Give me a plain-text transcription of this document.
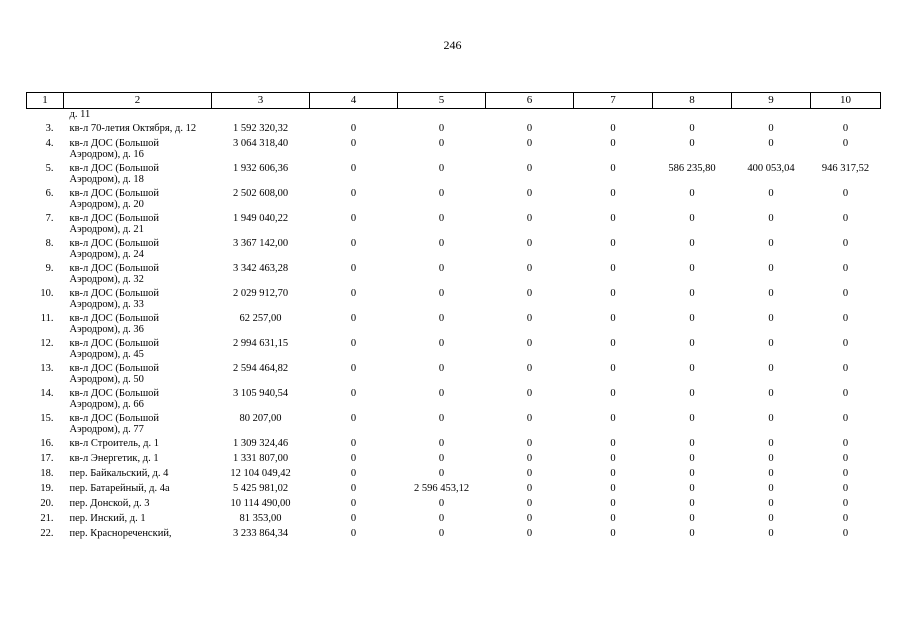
246
1	2	3	4	5	6	7	8	9	10

	д. 11								

3.	кв-л 70-летия Октября, д. 12	1 592 320,32	0	0	0	0	0	0	0
4.	кв-л ДОС (Большой
Аэродром), д. 16	3 064 318,40	0	0	0	0	0	0	0
5.	кв-л ДОС (Большой
Аэродром), д. 18	1 932 606,36	0	0	0	0	586 235,80	400 053,04	946 317,52
6.	кв-л ДОС (Большой
Аэродром), д. 20	2 502 608,00	0	0	0	0	0	0	0
7.	кв-л ДОС (Большой
Аэродром), д. 21	1 949 040,22	0	0	0	0	0	0	0
8.	кв-л ДОС (Большой
Аэродром), д. 24	3 367 142,00	0	0	0	0	0	0	0
9.	кв-л ДОС (Большой
Аэродром), д. 32	3 342 463,28	0	0	0	0	0	0	0
10.	кв-л ДОС (Большой
Аэродром), д. 33	2 029 912,70	0	0	0	0	0	0	0
11.	кв-л ДОС (Большой
Аэродром), д. 36	62 257,00	0	0	0	0	0	0	0
12.	кв-л ДОС (Большой
Аэродром), д. 45	2 994 631,15	0	0	0	0	0	0	0
13.	кв-л ДОС (Большой
Аэродром), д. 50	2 594 464,82	0	0	0	0	0	0	0
14.	кв-л ДОС (Большой
Аэродром), д. 66	3 105 940,54	0	0	0	0	0	0	0
15.	кв-л ДОС (Большой
Аэродром), д. 77	80 207,00	0	0	0	0	0	0	0
16.	кв-л Строитель, д. 1	1 309 324,46	0	0	0	0	0	0	0
17.	кв-л Энергетик, д. 1	1 331 807,00	0	0	0	0	0	0	0
18.	пер. Байкальский, д. 4	12 104 049,42	0	0	0	0	0	0	0
19.	пер. Батарейный, д. 4а	5 425 981,02	0	2 596 453,12	0	0	0	0	0
20.	пер. Донской, д. 3	10 114 490,00	0	0	0	0	0	0	0
21.	пер. Инский, д. 1	81 353,00	0	0	0	0	0	0	0
22.	пер. Краснореченский,	3 233 864,34	0	0	0	0	0	0	0
